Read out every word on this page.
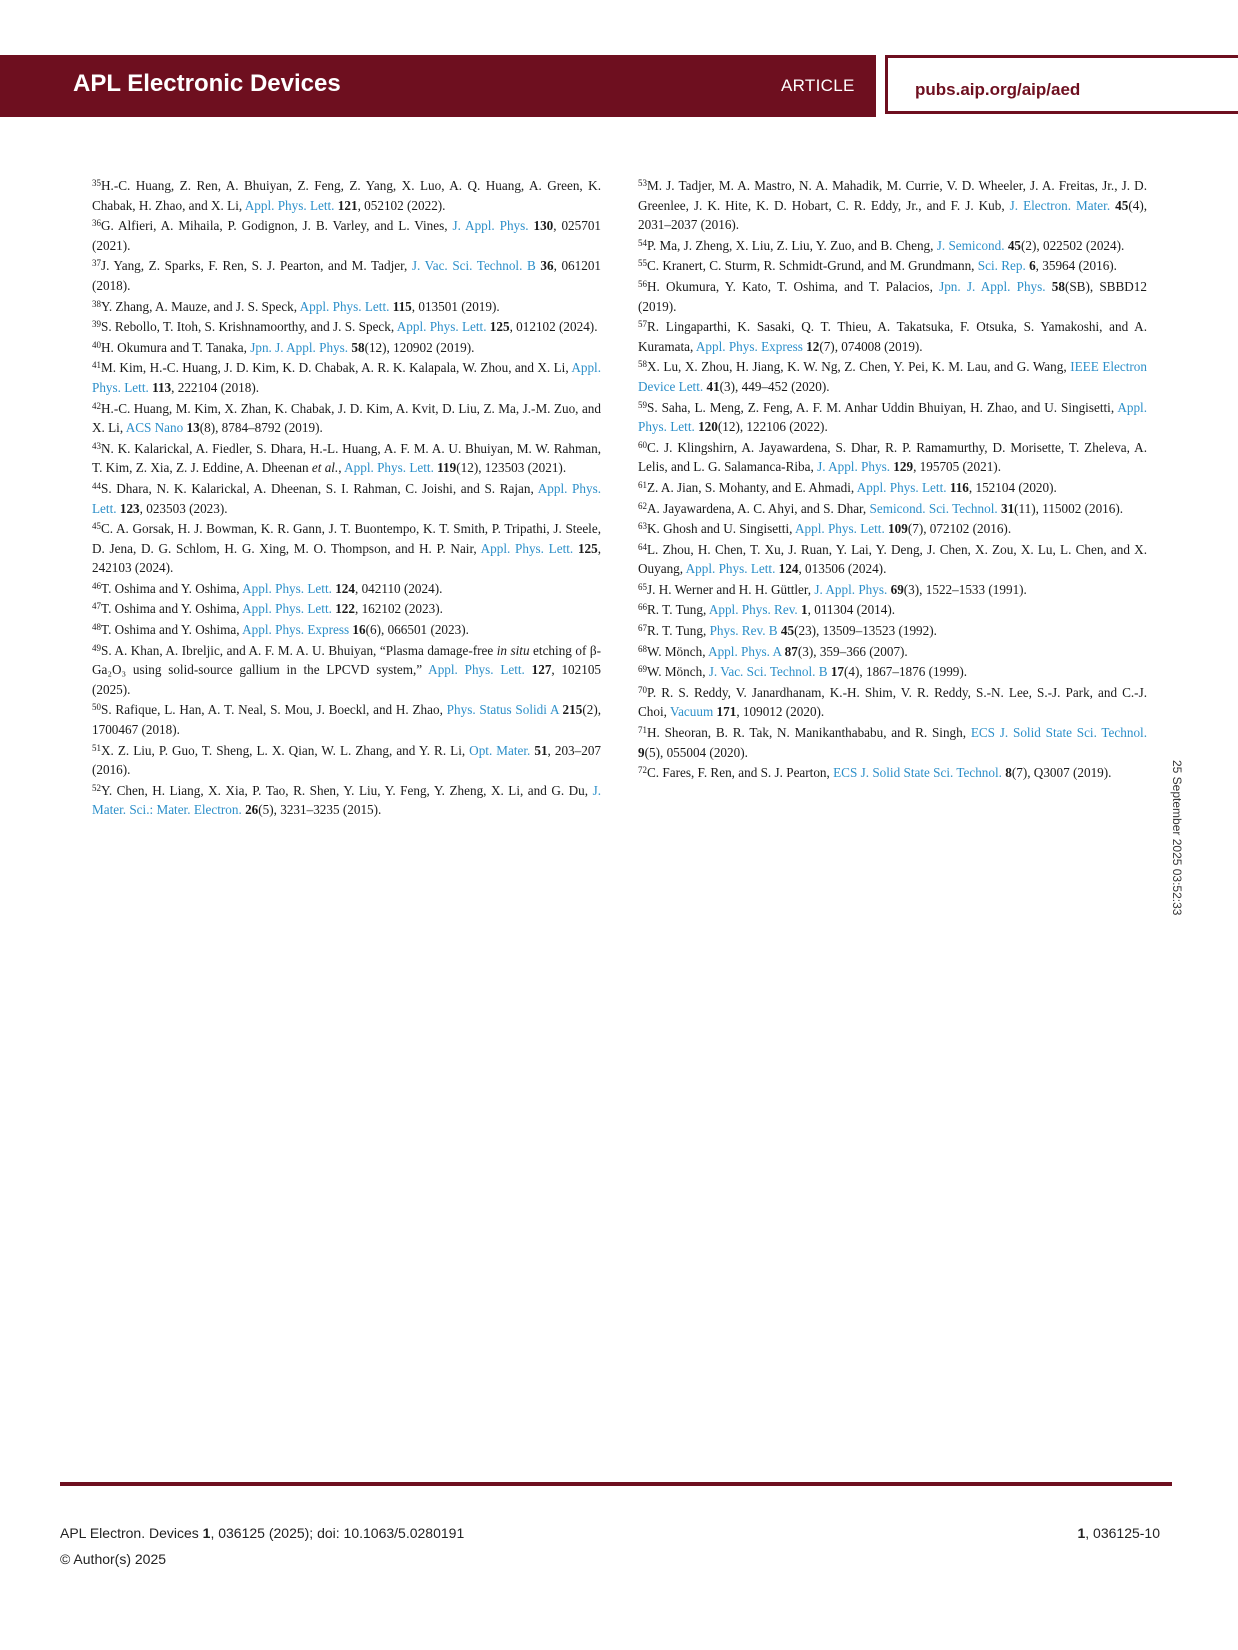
APL Electronic Devices	ARTICLE	pubs.aip.org/aip/aed
$^{35}$H.-C. Huang, Z. Ren, A. Bhuiyan, Z. Feng, Z. Yang, X. Luo, A. Q. Huang, A. Green, K. Chabak, H. Zhao, and X. Li, Appl. Phys. Lett. 121, 052102 (2022).
$^{36}$G. Alfieri, A. Mihaila, P. Godignon, J. B. Varley, and L. Vines, J. Appl. Phys. 130, 025701 (2021).
$^{37}$J. Yang, Z. Sparks, F. Ren, S. J. Pearton, and M. Tadjer, J. Vac. Sci. Technol. B 36, 061201 (2018).
$^{38}$Y. Zhang, A. Mauze, and J. S. Speck, Appl. Phys. Lett. 115, 013501 (2019).
$^{39}$S. Rebollo, T. Itoh, S. Krishnamoorthy, and J. S. Speck, Appl. Phys. Lett. 125, 012102 (2024).
$^{40}$H. Okumura and T. Tanaka, Jpn. J. Appl. Phys. 58(12), 120902 (2019).
$^{41}$M. Kim, H.-C. Huang, J. D. Kim, K. D. Chabak, A. R. K. Kalapala, W. Zhou, and X. Li, Appl. Phys. Lett. 113, 222104 (2018).
$^{42}$H.-C. Huang, M. Kim, X. Zhan, K. Chabak, J. D. Kim, A. Kvit, D. Liu, Z. Ma, J.-M. Zuo, and X. Li, ACS Nano 13(8), 8784–8792 (2019).
$^{43}$N. K. Kalarickal, A. Fiedler, S. Dhara, H.-L. Huang, A. F. M. A. U. Bhuiyan, M. W. Rahman, T. Kim, Z. Xia, Z. J. Eddine, A. Dheenan et al., Appl. Phys. Lett. 119(12), 123503 (2021).
$^{44}$S. Dhara, N. K. Kalarickal, A. Dheenan, S. I. Rahman, C. Joishi, and S. Rajan, Appl. Phys. Lett. 123, 023503 (2023).
$^{45}$C. A. Gorsak, H. J. Bowman, K. R. Gann, J. T. Buontempo, K. T. Smith, P. Tripathi, J. Steele, D. Jena, D. G. Schlom, H. G. Xing, M. O. Thompson, and H. P. Nair, Appl. Phys. Lett. 125, 242103 (2024).
$^{46}$T. Oshima and Y. Oshima, Appl. Phys. Lett. 124, 042110 (2024).
$^{47}$T. Oshima and Y. Oshima, Appl. Phys. Lett. 122, 162102 (2023).
$^{48}$T. Oshima and Y. Oshima, Appl. Phys. Express 16(6), 066501 (2023).
$^{49}$S. A. Khan, A. Ibreljic, and A. F. M. A. U. Bhuiyan, “Plasma damage-free in situ etching of β-Ga₂O₃ using solid-source gallium in the LPCVD system,” Appl. Phys. Lett. 127, 102105 (2025).
$^{50}$S. Rafique, L. Han, A. T. Neal, S. Mou, J. Boeckl, and H. Zhao, Phys. Status Solidi A 215(2), 1700467 (2018).
$^{51}$X. Z. Liu, P. Guo, T. Sheng, L. X. Qian, W. L. Zhang, and Y. R. Li, Opt. Mater. 51, 203–207 (2016).
$^{52}$Y. Chen, H. Liang, X. Xia, P. Tao, R. Shen, Y. Liu, Y. Feng, Y. Zheng, X. Li, and G. Du, J. Mater. Sci.: Mater. Electron. 26(5), 3231–3235 (2015).
$^{53}$M. J. Tadjer, M. A. Mastro, N. A. Mahadik, M. Currie, V. D. Wheeler, J. A. Freitas, Jr., J. D. Greenlee, J. K. Hite, K. D. Hobart, C. R. Eddy, Jr., and F. J. Kub, J. Electron. Mater. 45(4), 2031–2037 (2016).
$^{54}$P. Ma, J. Zheng, X. Liu, Z. Liu, Y. Zuo, and B. Cheng, J. Semicond. 45(2), 022502 (2024).
$^{55}$C. Kranert, C. Sturm, R. Schmidt-Grund, and M. Grundmann, Sci. Rep. 6, 35964 (2016).
$^{56}$H. Okumura, Y. Kato, T. Oshima, and T. Palacios, Jpn. J. Appl. Phys. 58(SB), SBBD12 (2019).
$^{57}$R. Lingaparthi, K. Sasaki, Q. T. Thieu, A. Takatsuka, F. Otsuka, S. Yamakoshi, and A. Kuramata, Appl. Phys. Express 12(7), 074008 (2019).
$^{58}$X. Lu, X. Zhou, H. Jiang, K. W. Ng, Z. Chen, Y. Pei, K. M. Lau, and G. Wang, IEEE Electron Device Lett. 41(3), 449–452 (2020).
$^{59}$S. Saha, L. Meng, Z. Feng, A. F. M. Anhar Uddin Bhuiyan, H. Zhao, and U. Singisetti, Appl. Phys. Lett. 120(12), 122106 (2022).
$^{60}$C. J. Klingshirn, A. Jayawardena, S. Dhar, R. P. Ramamurthy, D. Morisette, T. Zheleva, A. Lelis, and L. G. Salamanca-Riba, J. Appl. Phys. 129, 195705 (2021).
$^{61}$Z. A. Jian, S. Mohanty, and E. Ahmadi, Appl. Phys. Lett. 116, 152104 (2020).
$^{62}$A. Jayawardena, A. C. Ahyi, and S. Dhar, Semicond. Sci. Technol. 31(11), 115002 (2016).
$^{63}$K. Ghosh and U. Singisetti, Appl. Phys. Lett. 109(7), 072102 (2016).
$^{64}$L. Zhou, H. Chen, T. Xu, J. Ruan, Y. Lai, Y. Deng, J. Chen, X. Zou, X. Lu, L. Chen, and X. Ouyang, Appl. Phys. Lett. 124, 013506 (2024).
$^{65}$J. H. Werner and H. H. Güttler, J. Appl. Phys. 69(3), 1522–1533 (1991).
$^{66}$R. T. Tung, Appl. Phys. Rev. 1, 011304 (2014).
$^{67}$R. T. Tung, Phys. Rev. B 45(23), 13509–13523 (1992).
$^{68}$W. Mönch, Appl. Phys. A 87(3), 359–366 (2007).
$^{69}$W. Mönch, J. Vac. Sci. Technol. B 17(4), 1867–1876 (1999).
$^{70}$P. R. S. Reddy, V. Janardhanam, K.-H. Shim, V. R. Reddy, S.-N. Lee, S.-J. Park, and C.-J. Choi, Vacuum 171, 109012 (2020).
$^{71}$H. Sheoran, B. R. Tak, N. Manikanthababu, and R. Singh, ECS J. Solid State Sci. Technol. 9(5), 055004 (2020).
$^{72}$C. Fares, F. Ren, and S. J. Pearton, ECS J. Solid State Sci. Technol. 8(7), Q3007 (2019).	25 September 2025 03:52:33
APL Electron. Devices 1, 036125 (2025); doi: 10.1063/5.0280191
© Author(s) 2025
1, 036125-10
